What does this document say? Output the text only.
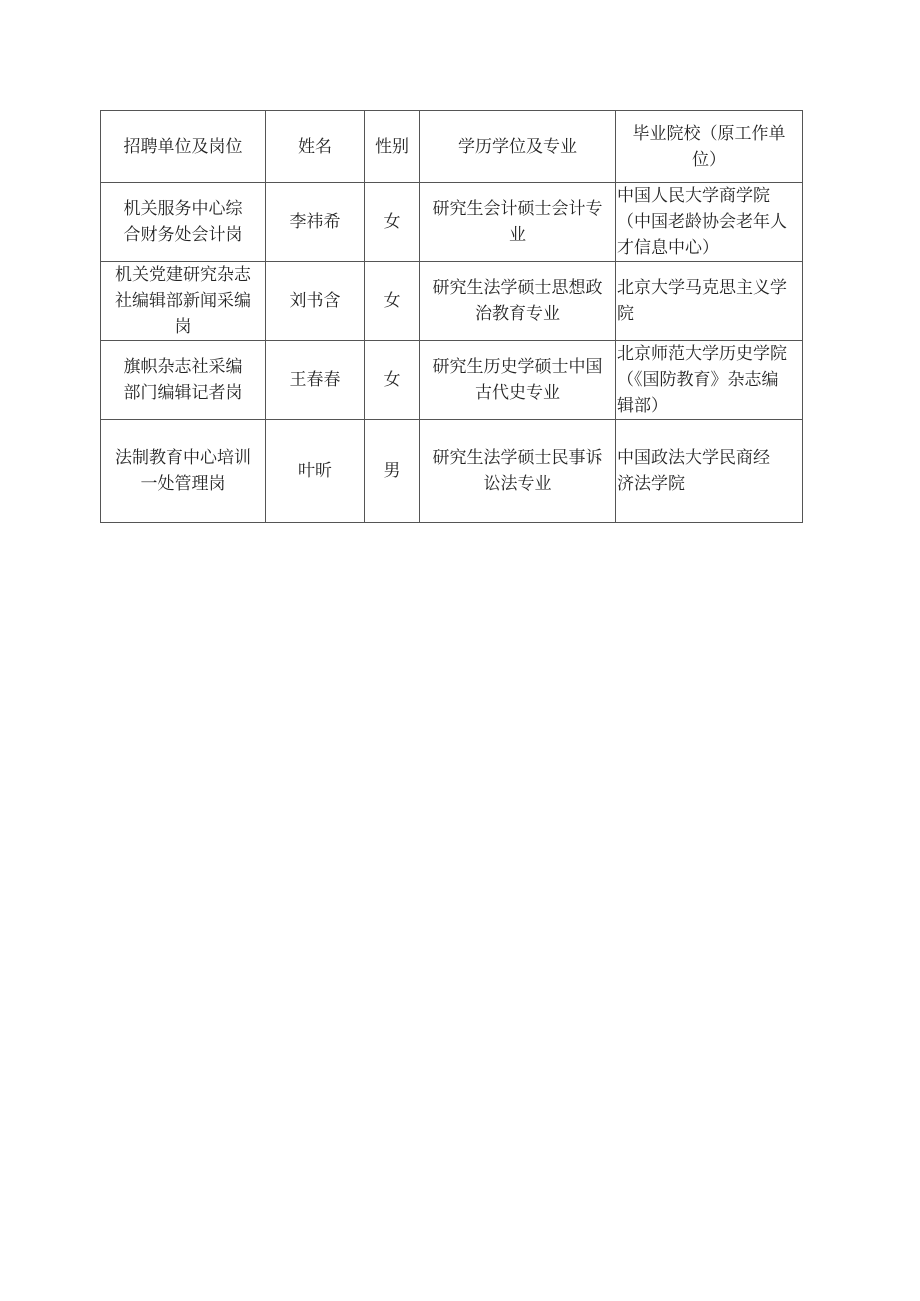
招聘单位及岗位	姓名	性别	学历学位及专业	毕业院校（原工作单
位）

机关服务中心综
合财务处会计岗	李祎希	女	研究生会计硕士会计专
业	中国人民大学商学院
（中国老龄协会老年人
才信息中心）

机关党建研究杂志
社编辑部新闻采编
岗	刘书含	女	研究生法学硕士思想政
治教育专业	北京大学马克思主义学
院

旗帜杂志社采编
部门编辑记者岗	王春春	女	研究生历史学硕士中国
古代史专业	北京师范大学历史学院
（《国防教育》杂志编
辑部）

法制教育中心培训
一处管理岗	叶昕	男	研究生法学硕士民事诉
讼法专业	中国政法大学民商经
济法学院
